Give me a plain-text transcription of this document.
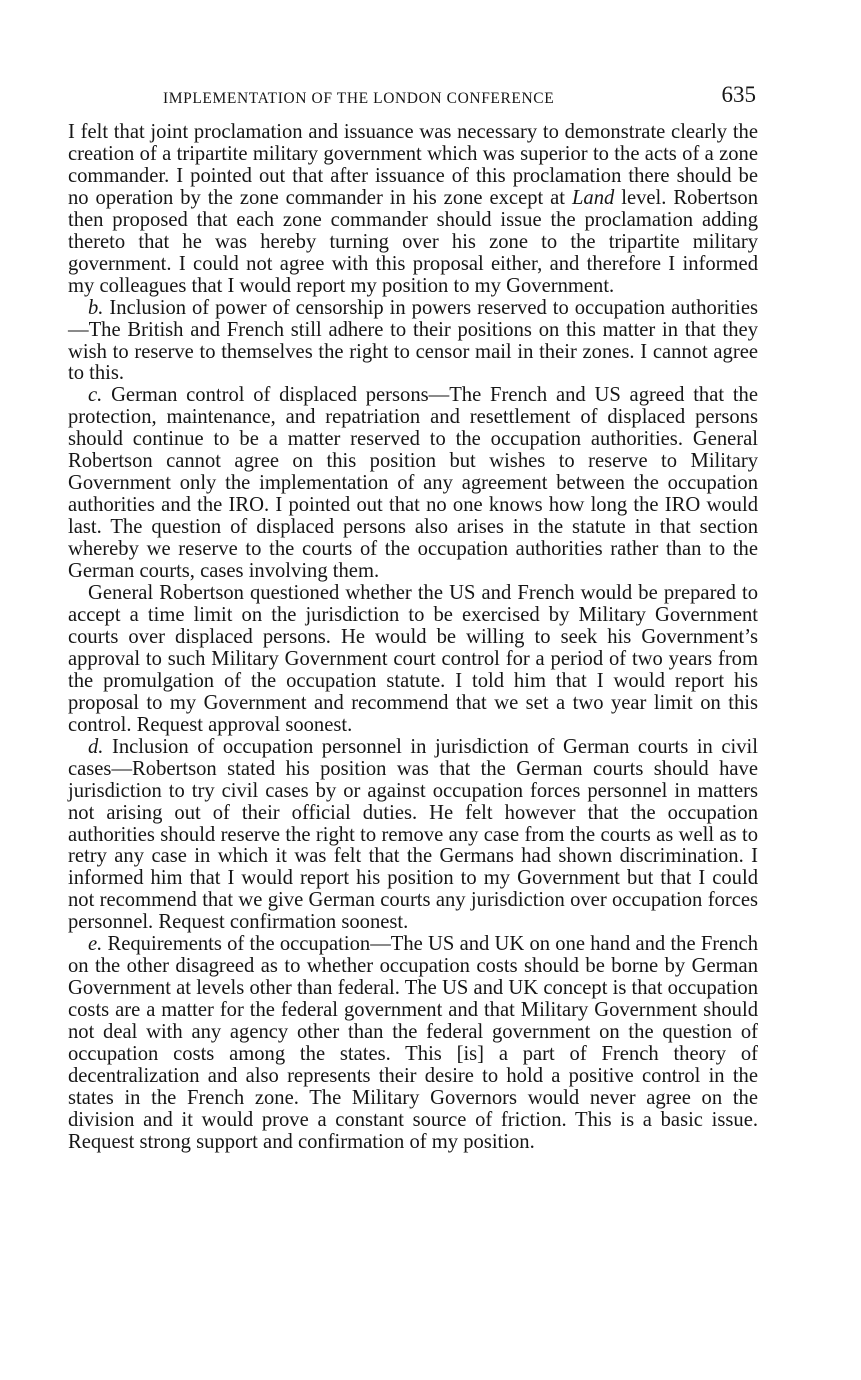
IMPLEMENTATION OF THE LONDON CONFERENCE	635

I felt that joint proclamation and issuance was necessary to demonstrate clearly the creation of a tripartite military government which was superior to the acts of a zone commander. I pointed out that after issuance of this proclamation there should be no operation by the zone commander in his zone except at Land level. Robertson then proposed that each zone commander should issue the proclamation adding thereto that he was hereby turning over his zone to the tripartite military government. I could not agree with this proposal either, and therefore I informed my colleagues that I would report my position to my Government.

b. Inclusion of power of censorship in powers reserved to occupation authorities—The British and French still adhere to their positions on this matter in that they wish to reserve to themselves the right to censor mail in their zones. I cannot agree to this.

c. German control of displaced persons—The French and US agreed that the protection, maintenance, and repatriation and resettlement of displaced persons should continue to be a matter reserved to the occupation authorities. General Robertson cannot agree on this position but wishes to reserve to Military Government only the implementation of any agreement between the occupation authorities and the IRO. I pointed out that no one knows how long the IRO would last. The question of displaced persons also arises in the statute in that section whereby we reserve to the courts of the occupation authorities rather than to the German courts, cases involving them.

General Robertson questioned whether the US and French would be prepared to accept a time limit on the jurisdiction to be exercised by Military Government courts over displaced persons. He would be willing to seek his Government’s approval to such Military Government court control for a period of two years from the promulgation of the occupation statute. I told him that I would report his proposal to my Government and recommend that we set a two year limit on this control. Request approval soonest.

d. Inclusion of occupation personnel in jurisdiction of German courts in civil cases—Robertson stated his position was that the German courts should have jurisdiction to try civil cases by or against occupation forces personnel in matters not arising out of their official duties. He felt however that the occupation authorities should reserve the right to remove any case from the courts as well as to retry any case in which it was felt that the Germans had shown discrimination. I informed him that I would report his position to my Government but that I could not recommend that we give German courts any jurisdiction over occupation forces personnel. Request confirmation soonest.

e. Requirements of the occupation—The US and UK on one hand and the French on the other disagreed as to whether occupation costs should be borne by German Government at levels other than federal. The US and UK concept is that occupation costs are a matter for the federal government and that Military Government should not deal with any agency other than the federal government on the question of occupation costs among the states. This [is] a part of French theory of decentralization and also represents their desire to hold a positive control in the states in the French zone. The Military Governors would never agree on the division and it would prove a constant source of friction. This is a basic issue. Request strong support and confirmation of my position.
